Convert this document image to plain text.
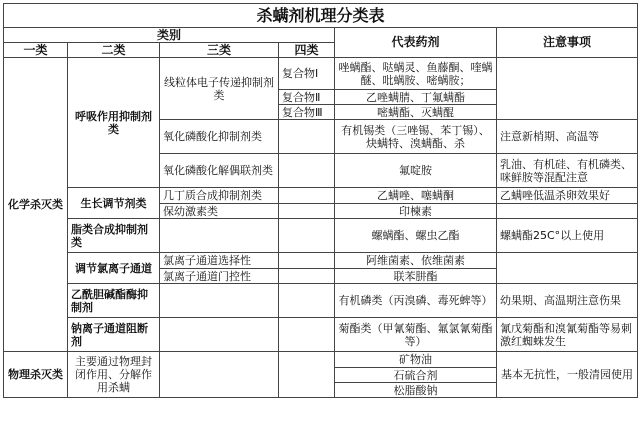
杀螨剂机理分类表					
类别				代表药剂	注意事项
一类	二类	三类	四类		
化学杀灭类	呼吸作用抑制剂类	线粒体电子传递抑制剂类	复合物Ⅰ	唑螨酯、哒螨灵、鱼藤酮、喹螨醚、吡螨胺、嘧螨胺；	
			复合物Ⅱ	乙唑螨腈、丁氟螨酯	
			复合物Ⅲ	嘧螨酯、灭螨醌	
		氧化磷酸化抑制剂类		有机锡类（三唑锡、苯丁锡）、炔螨特、溴螨酯、杀	注意新梢期、高温等
		氧化磷酸化解偶联剂类		氟啶胺	乳油、有机硅、有机磷类、咪鲜胺等混配注意
	生长调节剂类	几丁质合成抑制剂类		乙螨唑、噻螨酮	乙螨唑低温杀卵效果好
		保幼激素类		印楝素	
	脂类合成抑制剂类			螺螨酯、螺虫乙酯	螺螨酯25C°以上使用
	调节氯离子通道	氯离子通道选择性		阿维菌素、依维菌素	
		氯离子通道门控性		联苯肼酯	
	乙酰胆碱酯酶抑制剂			有机磷类（丙溴磷、毒死蜱等）	幼果期、高温期注意伤果
	钠离子通道阻断剂			菊酯类（甲氰菊酯、氟氯氰菊酯等）	氰戊菊酯和溴氰菊酯等易刺激红蜘蛛发生
物理杀灭类	主要通过物理封闭作用、分解作用杀螨			矿物油	基本无抗性，一般清园使用
				石硫合剂	
				松脂酸钠	
